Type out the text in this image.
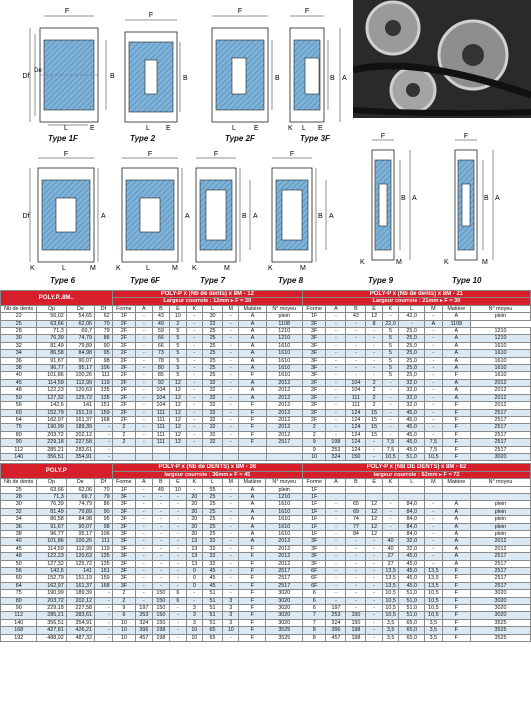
F
Df
De
B
L	E
F
B
L E
F
B
L	E
F
B A
K L E
F
Df	A
K	L	M
F
A
K	L	M
F
B A
K	M
F
B A
K	M
F
B A
K	M
F
B A
K	M
Type 1F	Type 2	Type 2F	Type 3F
Type 6	Type 6F	Type 7	Type 8	Type 9	Type 10
POLY.P..8M..				POLY-P x (Nb de dents) x 8M - 12									POLY-P x (Nb de dents) x 8M - 21								
				Largeur courroie : 12mm ▸ F = 20									Largeur courroie : 21mm ▸ F = 30								
Nb de dents	Dp	De	Df	Forme	A	B	E	K	L	M	Matière	N° moyeu	Forme	A	B	E	K	L	M	Matière	N° moyeu
22	56,02	54,65	62	1F	-	43	10	-	30	-	A	plein	1F	-	43	12	-	42,0	-	A	plein
25	63,66	62,06	70	2F	-	49	2	-	22	-	A	1108	2F	-	-	8	22,0	-	A	1108	
28	71,3	69,7	79	2F	-	59	5	-	25	-	A	1210	3F	-	-	-	5	25,0	-	A	1210
30	76,39	74,79	86	2F	-	66	5	-	25	-	A	1210	3F	-	-	-	5	25,0	-	A	1210
32	81,49	79,89	90	2F	-	66	5	-	25	-	A	1610	3F	-	-	-	5	25,0	-	A	1610
34	86,58	84,98	95	2F	-	73	5	-	25	-	A	1610	3F	-	-	-	5	25,0	-	A	1610
36	91,67	90,07	98	2F	-	78	5	-	25	-	A	1610	3F	-	-	-	5	25,0	-	A	1610
38	96,77	95,17	106	2F	-	80	5	-	25	-	A	1610	3F	-	-	-	5	25,0	-	A	1610
40	101,86	100,26	111	2F	-	85	5	-	25	-	F	1610	3F	-	-	-	5	25,0	-	F	1610
45	114,59	112,99	119	2F	-	92	12	-	32	-	A	2012	2F	-	104	2	-	32,0	-	A	2012
48	122,23	120,63	135	2F	-	104	12	-	32	-	A	2012	2F	-	104	2	-	32,0	-	A	2012
50	127,32	125,72	135	2F	-	104	12	-	32	-	A	2012	2F	-	111	2	-	32,0	-	A	2012
56	142,6	141	151	2F	-	104	12	-	32	-	F	2012	2F	-	111	2	-	32,0	-	F	2012
60	152,79	151,19	159	2F	-	111	12	-	32	-	F	2012	2F	-	124	15	-	45,0	-	F	2517
64	162,97	161,37	168	2F	-	111	12	-	32	-	F	2012	2F	-	124	15	-	45,0	-	F	2517
75	190,99	189,39	-	2	-	111	12	-	32	-	F	2012	2	-	124	15	-	45,0	-	F	2517
80	203,72	202,12	-	2	-	111	12	-	32	-	F	2012	2	-	124	15	-	45,0	-	F	2517
90	229,18	227,58	-	2	-	111	12	-	32	-	F	2517	9	198	124	-	7,5	45,0	7,5	F	2517
112	285,21	283,61	-										9	253	124	-	7,5	45,0	7,5	F	2517
140	356,51	354,91	-										10	324	150	-	10,5	51,0	10,5	F	3020
POLY.P				POLY-P x (Nb de DENTS) x 8M - 36									POLY-P x (NB DE DENTS) x 8M - 62								
				largeur courroie : 36mm ▸ F = 45									largeur courroie : 62mm ▸ F = 72								
Nb de dents	Dp	De	Df	Forme	A	B	E	K	L	M	Matière	N° moyeu	Forme	A	B	E	K	L	M	Matière	N° moyeu
25	63,66	62,06	70	1F	-	49	10	-	55	-	A	plein	1F								
28	71,3	69,7	79	3F	-	-	-	20	25	-	A	1210	1F								
30	76,39	74,79	86	3F	-	-	-	20	25	-	A	1610	1F	-	65	12	-	84,0	-	A	plein
32	81,49	79,89	90	3F	-	-	-	20	25	-	A	1610	1F	-	69	12	-	84,0	-	A	plein
34	86,58	84,98	95	3F	-	-	-	20	25	-	A	1610	1F	-	74	12	-	84,0	-	A	plein
36	91,67	90,07	98	3F	-	-	-	20	25	-	A	1610	1F	-	77	12	-	84,0	-	A	plein
38	96,77	95,17	106	3F	-	-	-	20	25	-	A	1610	1F	-	84	12	-	84,0	-	A	plein
40	101,86	100,26	111	3F	-	-	-	13	32	-	A	2012	3F	-	-	-	40	32,0	-	A	2012
45	114,59	112,99	119	3F	-	-	-	13	32	-	F	2012	3F	-	-	-	40	32,0	-	A	2012
48	122,23	120,63	135	3F	-	-	-	13	32	-	F	2012	3F	-	-	-	27	45,0	-	A	2517
50	127,32	125,72	135	3F	-	-	-	13	32	-	F	2012	3F	-	-	-	27	45,0	-	A	2517
56	142,6	141	151	3F	-	-	-	0	45	-	F	2517	6F	-	-	-	13,5	45,0	13,5	F	2517
60	152,79	151,19	159	3F	-	-	-	0	45	-	F	2517	6F	-	-	-	13,5	45,0	13,5	F	2517
64	162,97	161,37	168	3F	-	-	-	0	45	-	F	2517	6F	-	-	-	13,5	45,0	13,5	F	2517
75	190,99	189,39	-	2	-	150	6	-	51	-	F	3020	6	-	-	-	10,5	51,0	10,5	F	3020
80	203,72	202,12	-	2	-	150	6	-	51	3	F	3020	6	-	-	-	10,5	51,0	10,5	F	3020
90	229,18	227,58	-	9	197	150	-	3	51	3	F	3020	6	197	-	-	10,5	51,0	10,5	F	3020
112	285,21	283,61	-	9	253	150	-	3	51	3	F	3020	7	253	150	-	10,5	51,0	10,5	F	3020
140	356,51	354,91	-	10	324	150	-	3	51	3	F	3020	7	324	150	-	3,5	65,0	3,5	F	3525
168	427,81	426,21	-	10	396	198	-	10	65	10	F	3525	8	396	198	-	3,5	65,0	3,5	F	3525
192	488,92	487,32	-	10	457	198	-	10	65	-	F	3525	8	457	198	-	3,5	65,0	3,5	F	3525
